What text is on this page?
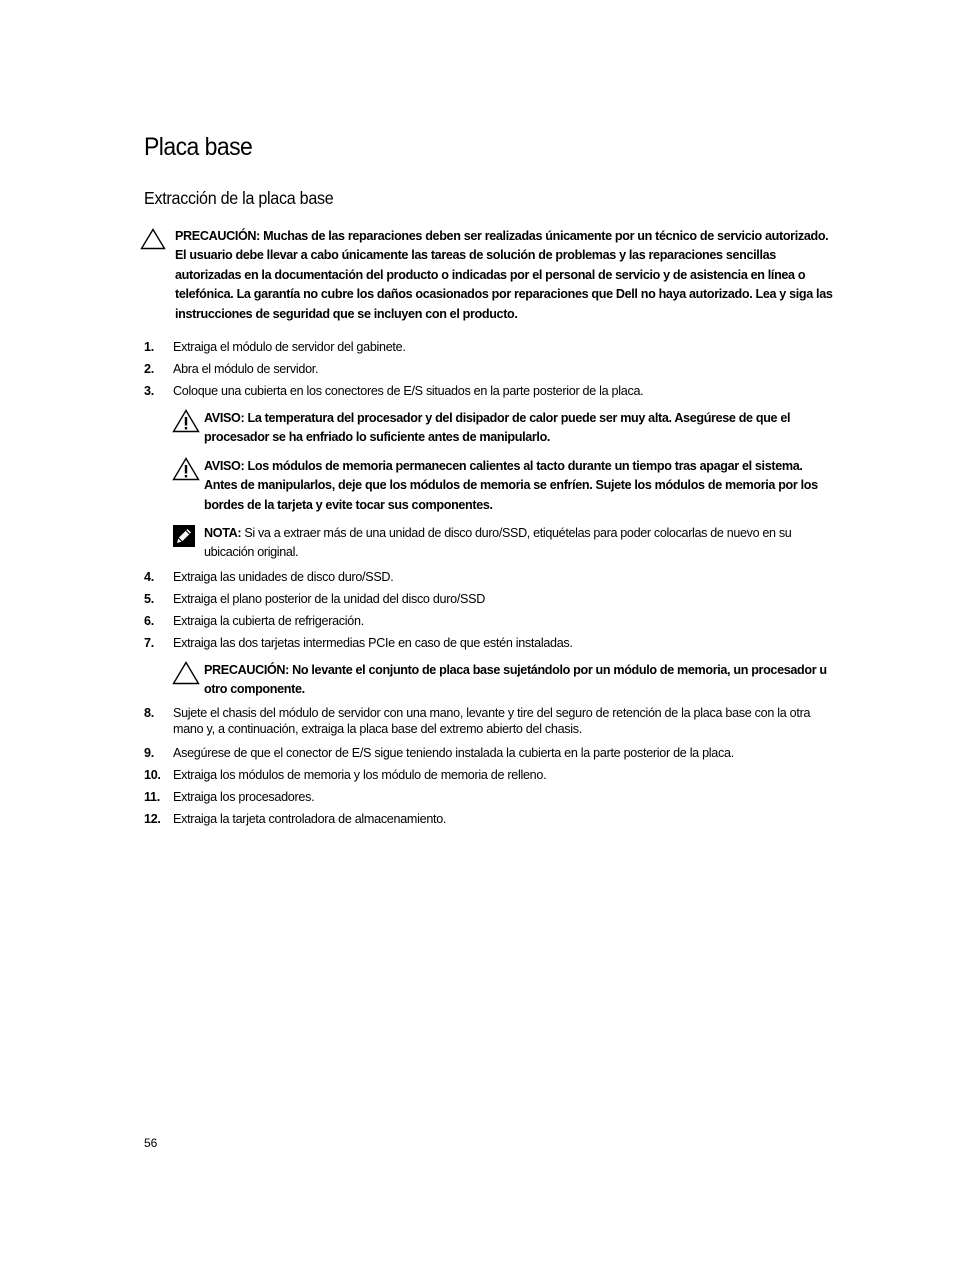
Placa base
Extracción de la placa base
PRECAUCIÓN: Muchas de las reparaciones deben ser realizadas únicamente por un técnico de servicio autorizado. El usuario debe llevar a cabo únicamente las tareas de solución de problemas y las reparaciones sencillas autorizadas en la documentación del producto o indicadas por el personal de servicio y de asistencia en línea o telefónica. La garantía no cubre los daños ocasionados por reparaciones que Dell no haya autorizado. Lea y siga las instrucciones de seguridad que se incluyen con el producto.
1.	Extraiga el módulo de servidor del gabinete.
2.	Abra el módulo de servidor.
3.	Coloque una cubierta en los conectores de E/S situados en la parte posterior de la placa.
AVISO: La temperatura del procesador y del disipador de calor puede ser muy alta. Asegúrese de que el procesador se ha enfriado lo suficiente antes de manipularlo.
AVISO: Los módulos de memoria permanecen calientes al tacto durante un tiempo tras apagar el sistema. Antes de manipularlos, deje que los módulos de memoria se enfríen. Sujete los módulos de memoria por los bordes de la tarjeta y evite tocar sus componentes.
NOTA: Si va a extraer más de una unidad de disco duro/SSD, etiquételas para poder colocarlas de nuevo en su ubicación original.
4.	Extraiga las unidades de disco duro/SSD.
5.	Extraiga el plano posterior de la unidad del disco duro/SSD
6.	Extraiga la cubierta de refrigeración.
7.	Extraiga las dos tarjetas intermedias PCIe en caso de que estén instaladas.
PRECAUCIÓN: No levante el conjunto de placa base sujetándolo por un módulo de memoria, un procesador u otro componente.
8.	Sujete el chasis del módulo de servidor con una mano, levante y tire del seguro de retención de la placa base con la otra mano y, a continuación, extraiga la placa base del extremo abierto del chasis.
9.	Asegúrese de que el conector de E/S sigue teniendo instalada la cubierta en la parte posterior de la placa.
10. Extraiga los módulos de memoria y los módulo de memoria de relleno.
11.	Extraiga los procesadores.
12. Extraiga la tarjeta controladora de almacenamiento.
56
